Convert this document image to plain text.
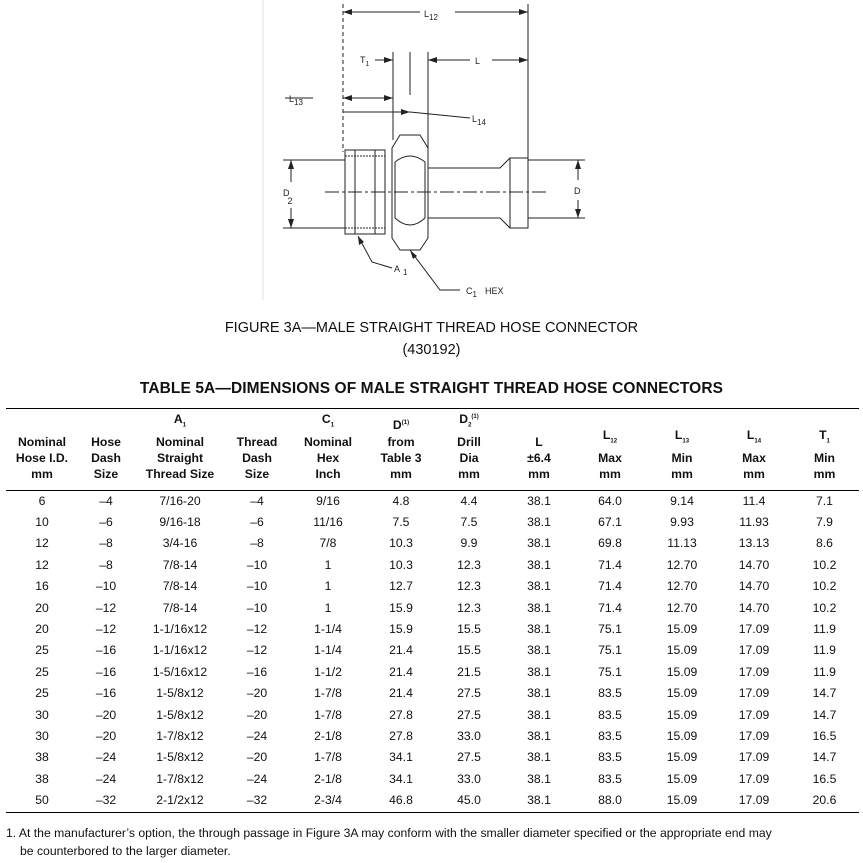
L12
$T_1$	L
L13
L14
D 2
D
A 1
C1 HEX
FIGURE 3A—MALE STRAIGHT THREAD HOSE CONNECTOR
(430192)
TABLE 5A—DIMENSIONS OF MALE STRAIGHT THREAD HOSE CONNECTORS
Nominal
Hose I.D.
mm	Hose
Dash
Size	$A_1$
Nominal
Straight
Thread Size	Thread
Dash
Size	$C_1$
Nominal
Hex
Inch	$D^{(1)}$
from
Table 3
mm	$D_2^{(1)}$
Drill
Dia
mm	L
±6.4
mm	$L_{12}$
Max
mm	$L_{13}$
Min
mm	$L_{14}$
Max
mm	$T_1$
Min
mm

6	–4	7/16-20	–4	9/16	4.8	4.4	38.1	64.0	9.14	11.4	7.1
10	–6	9/16-18	–6	11/16	7.5	7.5	38.1	67.1	9.93	11.93	7.9
12	–8	3/4-16	–8	7/8	10.3	9.9	38.1	69.8	11.13	13.13	8.6
12	–8	7/8-14	–10	1	10.3	12.3	38.1	71.4	12.70	14.70	10.2
16	–10	7/8-14	–10	1	12.7	12.3	38.1	71.4	12.70	14.70	10.2
20	–12	7/8-14	–10	1	15.9	12.3	38.1	71.4	12.70	14.70	10.2
20	–12	1-1/16x12	–12	1-1/4	15.9	15.5	38.1	75.1	15.09	17.09	11.9
25	–16	1-1/16x12	–12	1-1/4	21.4	15.5	38.1	75.1	15.09	17.09	11.9
25	–16	1-5/16x12	–16	1-1/2	21.4	21.5	38.1	75.1	15.09	17.09	11.9
25	–16	1-5/8x12	–20	1-7/8	21.4	27.5	38.1	83.5	15.09	17.09	14.7
30	–20	1-5/8x12	–20	1-7/8	27.8	27.5	38.1	83.5	15.09	17.09	14.7
30	–20	1-7/8x12	–24	2-1/8	27.8	33.0	38.1	83.5	15.09	17.09	16.5
38	–24	1-5/8x12	–20	1-7/8	34.1	27.5	38.1	83.5	15.09	17.09	14.7
38	–24	1-7/8x12	–24	2-1/8	34.1	33.0	38.1	83.5	15.09	17.09	16.5
50	–32	2-1/2x12	–32	2-3/4	46.8	45.0	38.1	88.0	15.09	17.09	20.6
1. At the manufacturer’s option, the through passage in Figure 3A may conform with the smaller diameter specified or the appropriate end may
be counterbored to the larger diameter.
